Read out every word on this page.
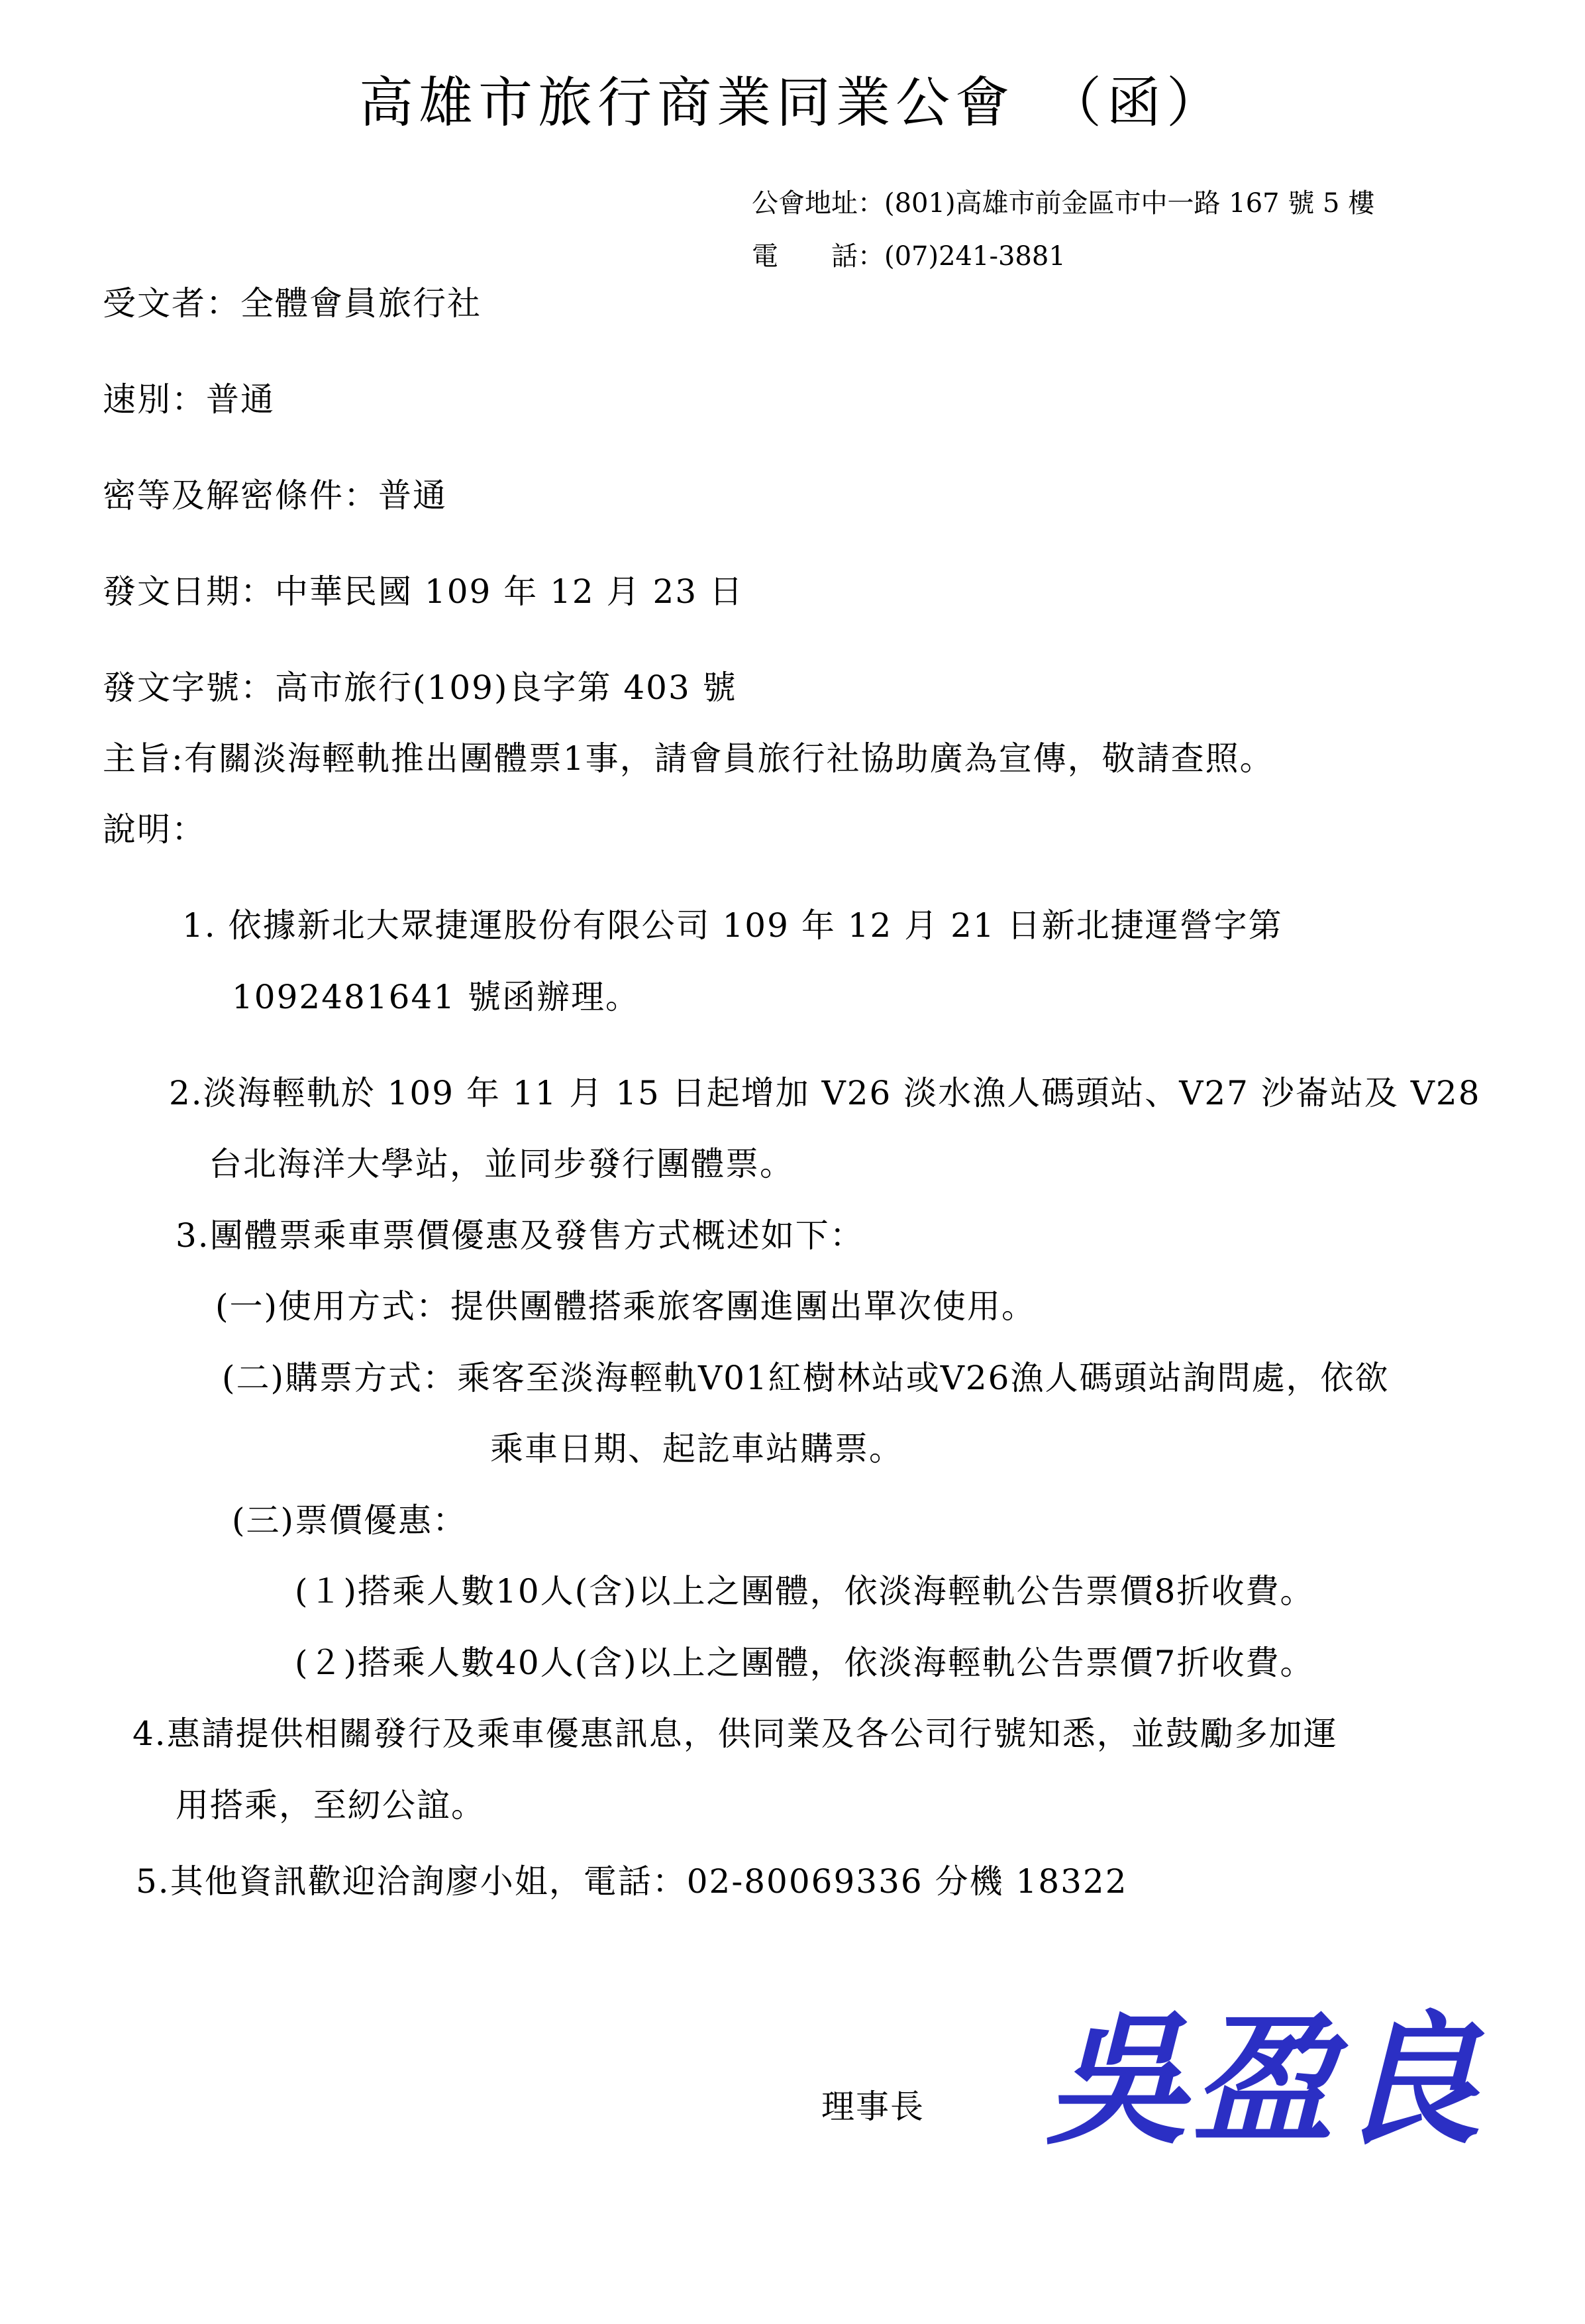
高雄市旅行商業同業公會　（函）
公會地址：(801)高雄市前金區市中一路 167 號 5 樓
電　　話：(07)241-3881
受文者：全體會員旅行社
速別：普通
密等及解密條件：普通
發文日期：中華民國 109 年 12 月 23 日
發文字號：高市旅行(109)良字第 403 號
主旨:有關淡海輕軌推出團體票1事，請會員旅行社協助廣為宣傳，敬請查照。
說明：
1. 依據新北大眾捷運股份有限公司 109 年 12 月 21 日新北捷運營字第
1092481641 號函辦理。
2.淡海輕軌於 109 年 11 月 15 日起增加 V26 淡水漁人碼頭站、V27 沙崙站及 V28
台北海洋大學站，並同步發行團體票。
3.團體票乘車票價優惠及發售方式概述如下：
(一)使用方式：提供團體搭乘旅客團進團出單次使用。
(二)購票方式：乘客至淡海輕軌V01紅樹林站或V26漁人碼頭站詢問處，依欲
乘車日期、起訖車站購票。
(三)票價優惠：
(１)搭乘人數10人(含)以上之團體，依淡海輕軌公告票價8折收費。
(２)搭乘人數40人(含)以上之團體，依淡海輕軌公告票價7折收費。
4.惠請提供相關發行及乘車優惠訊息，供同業及各公司行號知悉，並鼓勵多加運
用搭乘，至紉公誼。
5.其他資訊歡迎洽詢廖小姐，電話：02-80069336 分機 18322
理事長 吳盈良
